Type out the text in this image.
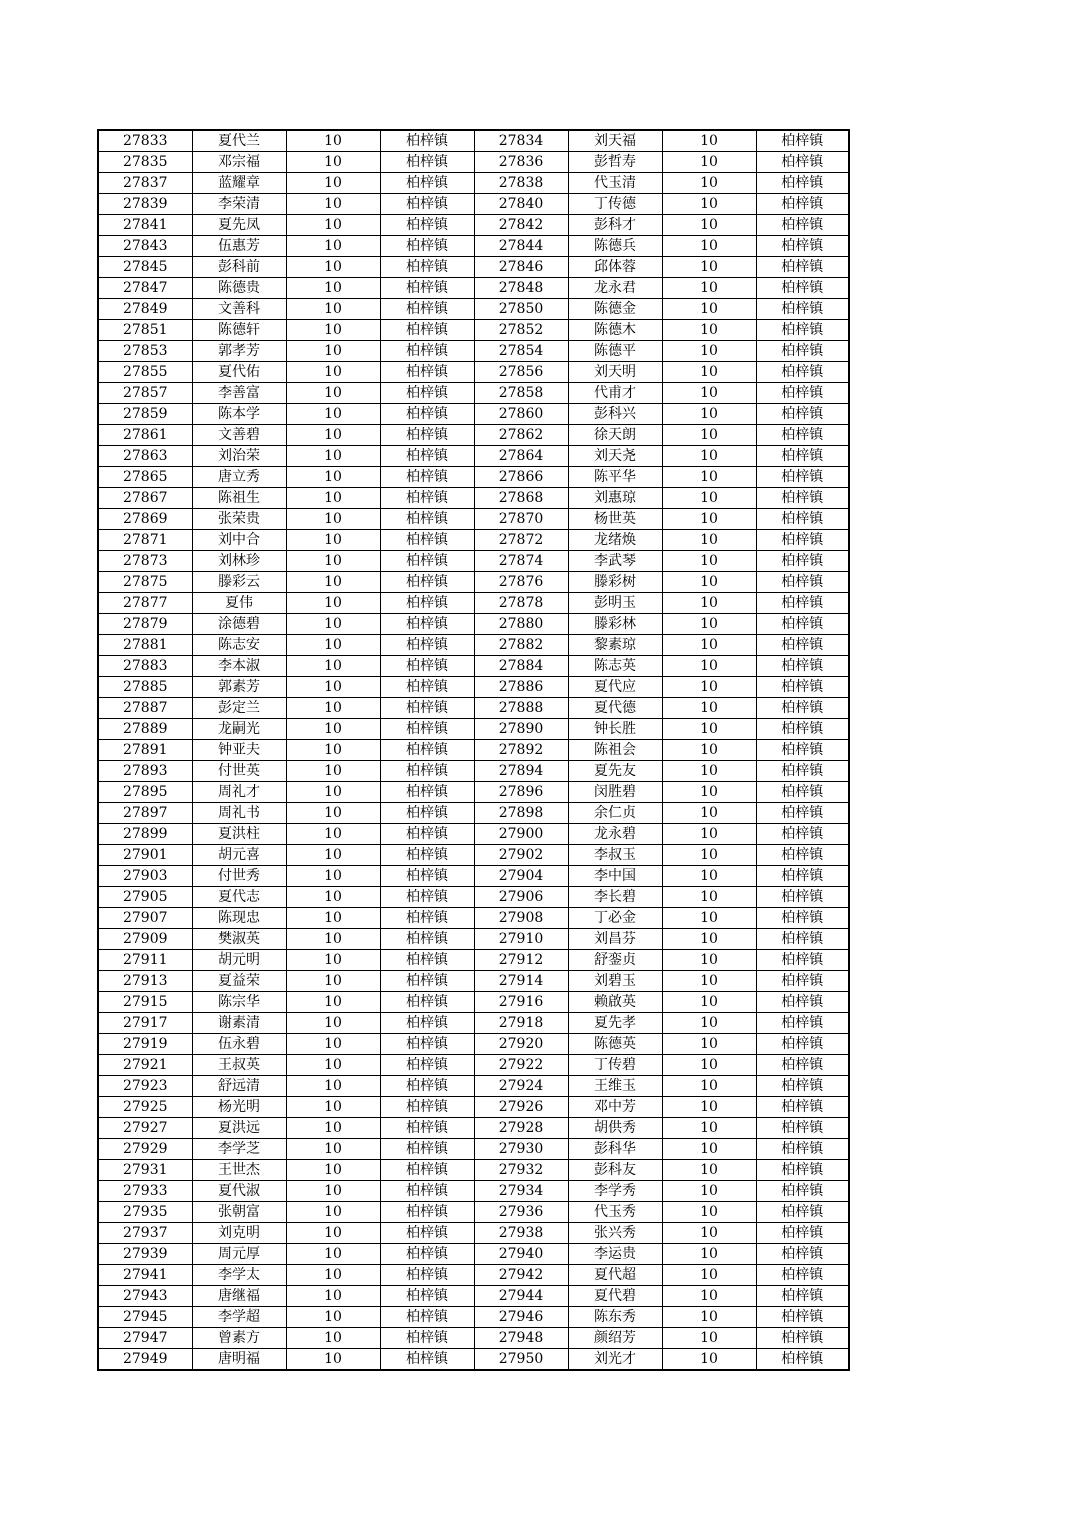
27833	夏代兰	10	柏梓镇	27834	刘天福	10	柏梓镇
27835	邓宗福	10	柏梓镇	27836	彭哲寿	10	柏梓镇
27837	蓝耀章	10	柏梓镇	27838	代玉清	10	柏梓镇
27839	李荣清	10	柏梓镇	27840	丁传德	10	柏梓镇
27841	夏先凤	10	柏梓镇	27842	彭科才	10	柏梓镇
27843	伍惠芳	10	柏梓镇	27844	陈德兵	10	柏梓镇
27845	彭科前	10	柏梓镇	27846	邱体蓉	10	柏梓镇
27847	陈德贵	10	柏梓镇	27848	龙永君	10	柏梓镇
27849	文善科	10	柏梓镇	27850	陈德金	10	柏梓镇
27851	陈德轩	10	柏梓镇	27852	陈德木	10	柏梓镇
27853	郭孝芳	10	柏梓镇	27854	陈德平	10	柏梓镇
27855	夏代佑	10	柏梓镇	27856	刘天明	10	柏梓镇
27857	李善富	10	柏梓镇	27858	代甫才	10	柏梓镇
27859	陈本学	10	柏梓镇	27860	彭科兴	10	柏梓镇
27861	文善碧	10	柏梓镇	27862	徐天朗	10	柏梓镇
27863	刘治荣	10	柏梓镇	27864	刘天尧	10	柏梓镇
27865	唐立秀	10	柏梓镇	27866	陈平华	10	柏梓镇
27867	陈祖生	10	柏梓镇	27868	刘惠琼	10	柏梓镇
27869	张荣贵	10	柏梓镇	27870	杨世英	10	柏梓镇
27871	刘中合	10	柏梓镇	27872	龙绪焕	10	柏梓镇
27873	刘林珍	10	柏梓镇	27874	李武琴	10	柏梓镇
27875	滕彩云	10	柏梓镇	27876	滕彩树	10	柏梓镇
27877	夏伟	10	柏梓镇	27878	彭明玉	10	柏梓镇
27879	涂德碧	10	柏梓镇	27880	滕彩林	10	柏梓镇
27881	陈志安	10	柏梓镇	27882	黎素琼	10	柏梓镇
27883	李本淑	10	柏梓镇	27884	陈志英	10	柏梓镇
27885	郭素芳	10	柏梓镇	27886	夏代应	10	柏梓镇
27887	彭定兰	10	柏梓镇	27888	夏代德	10	柏梓镇
27889	龙嗣光	10	柏梓镇	27890	钟长胜	10	柏梓镇
27891	钟亚夫	10	柏梓镇	27892	陈祖会	10	柏梓镇
27893	付世英	10	柏梓镇	27894	夏先友	10	柏梓镇
27895	周礼才	10	柏梓镇	27896	闵胜碧	10	柏梓镇
27897	周礼书	10	柏梓镇	27898	余仁贞	10	柏梓镇
27899	夏洪柱	10	柏梓镇	27900	龙永碧	10	柏梓镇
27901	胡元喜	10	柏梓镇	27902	李叔玉	10	柏梓镇
27903	付世秀	10	柏梓镇	27904	李中国	10	柏梓镇
27905	夏代志	10	柏梓镇	27906	李长碧	10	柏梓镇
27907	陈现忠	10	柏梓镇	27908	丁必金	10	柏梓镇
27909	樊淑英	10	柏梓镇	27910	刘昌芬	10	柏梓镇
27911	胡元明	10	柏梓镇	27912	舒銮贞	10	柏梓镇
27913	夏益荣	10	柏梓镇	27914	刘碧玉	10	柏梓镇
27915	陈宗华	10	柏梓镇	27916	赖啟英	10	柏梓镇
27917	谢素清	10	柏梓镇	27918	夏先孝	10	柏梓镇
27919	伍永碧	10	柏梓镇	27920	陈德英	10	柏梓镇
27921	王叔英	10	柏梓镇	27922	丁传碧	10	柏梓镇
27923	舒远清	10	柏梓镇	27924	王维玉	10	柏梓镇
27925	杨光明	10	柏梓镇	27926	邓中芳	10	柏梓镇
27927	夏洪远	10	柏梓镇	27928	胡供秀	10	柏梓镇
27929	李学芝	10	柏梓镇	27930	彭科华	10	柏梓镇
27931	王世杰	10	柏梓镇	27932	彭科友	10	柏梓镇
27933	夏代淑	10	柏梓镇	27934	李学秀	10	柏梓镇
27935	张朝富	10	柏梓镇	27936	代玉秀	10	柏梓镇
27937	刘克明	10	柏梓镇	27938	张兴秀	10	柏梓镇
27939	周元厚	10	柏梓镇	27940	李运贵	10	柏梓镇
27941	李学太	10	柏梓镇	27942	夏代超	10	柏梓镇
27943	唐继福	10	柏梓镇	27944	夏代碧	10	柏梓镇
27945	李学超	10	柏梓镇	27946	陈东秀	10	柏梓镇
27947	曾素方	10	柏梓镇	27948	颜绍芳	10	柏梓镇
27949	唐明福	10	柏梓镇	27950	刘光才	10	柏梓镇
